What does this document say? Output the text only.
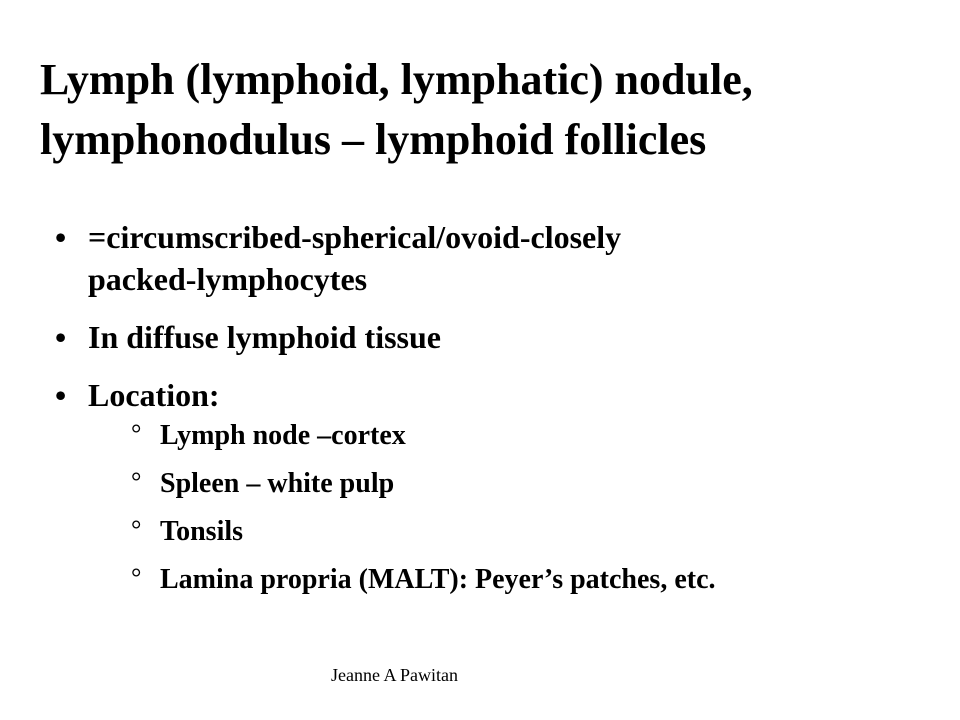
Lymph (lymphoid, lymphatic) nodule,
lymphonodulus – lymphoid follicles
• =circumscribed-spherical/ovoid-closely
packed-lymphocytes
• In diffuse lymphoid tissue
• Location:
° Lymph node –cortex
° Spleen – white pulp
° Tonsils
° Lamina propria (MALT): Peyer’s patches, etc.
Jeanne A Pawitan
